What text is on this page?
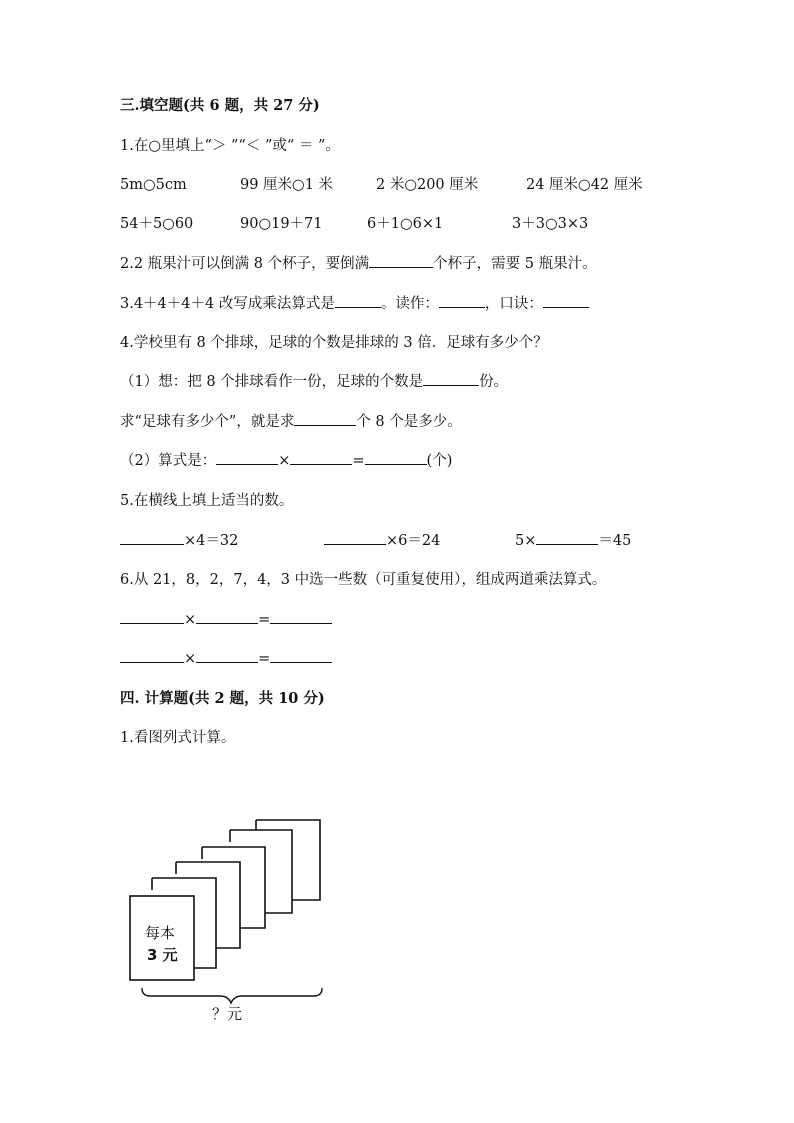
三.填空题(共 6 题，共 27 分)
1.在○里填上“＞ ”“＜ ”或“ ＝ ”。
5m○5cm	99 厘米○1 米	2 米○200 厘米	24 厘米○42 厘米
54＋5○60	90○19＋71	6＋1○6×1	3＋3○3×3
2.2 瓶果汁可以倒满 8 个杯子，要倒满	个杯子，需要 5 瓶果汁。
3.4＋4＋4＋4 改写成乘法算式是	。读作：	，口诀：
4.学校里有 8 个排球，足球的个数是排球的 3 倍．足球有多少个？
（1）想：把 8 个排球看作一份，足球的个数是	份。
求“足球有多少个”，就是求	个 8 个是多少。
（2）算式是：	×	=	(个)
5.在横线上填上适当的数。
×4＝32	×6＝24	5×	＝45
6.从 21，8，2，7，4，3 中选一些数（可重复使用），组成两道乘法算式。
×	=
×	=
四. 计算题(共 2 题，共 10 分)
1.看图列式计算。
每本
3 元
？元
